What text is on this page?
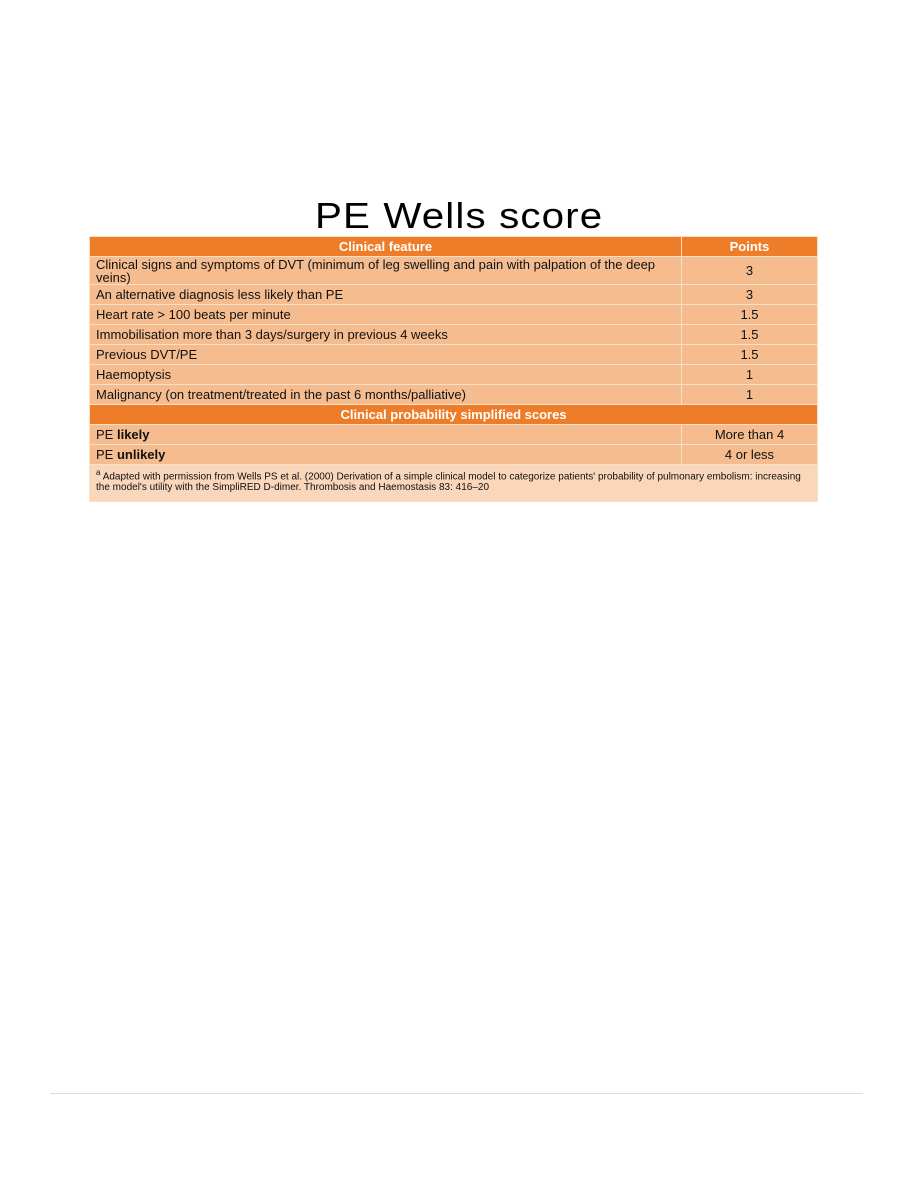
PE Wells score
Clinical feature	Points
Clinical signs and symptoms of DVT (minimum of leg swelling and pain with palpation of the deep veins)	3
An alternative diagnosis less likely than PE	3
Heart rate > 100 beats per minute	1.5
Immobilisation more than 3 days/surgery in previous 4 weeks	1.5
Previous DVT/PE	1.5
Haemoptysis	1
Malignancy (on treatment/treated in the past 6 months/palliative)	1
Clinical probability simplified scores	
PE likely	More than 4
PE unlikely	4 or less
$^a$ Adapted with permission from Wells PS et al. (2000) Derivation of a simple clinical model to categorize patients' probability of pulmonary embolism: increasing the model's utility with the SimpliRED D-dimer. Thrombosis and Haemostasis 83: 416–20	
